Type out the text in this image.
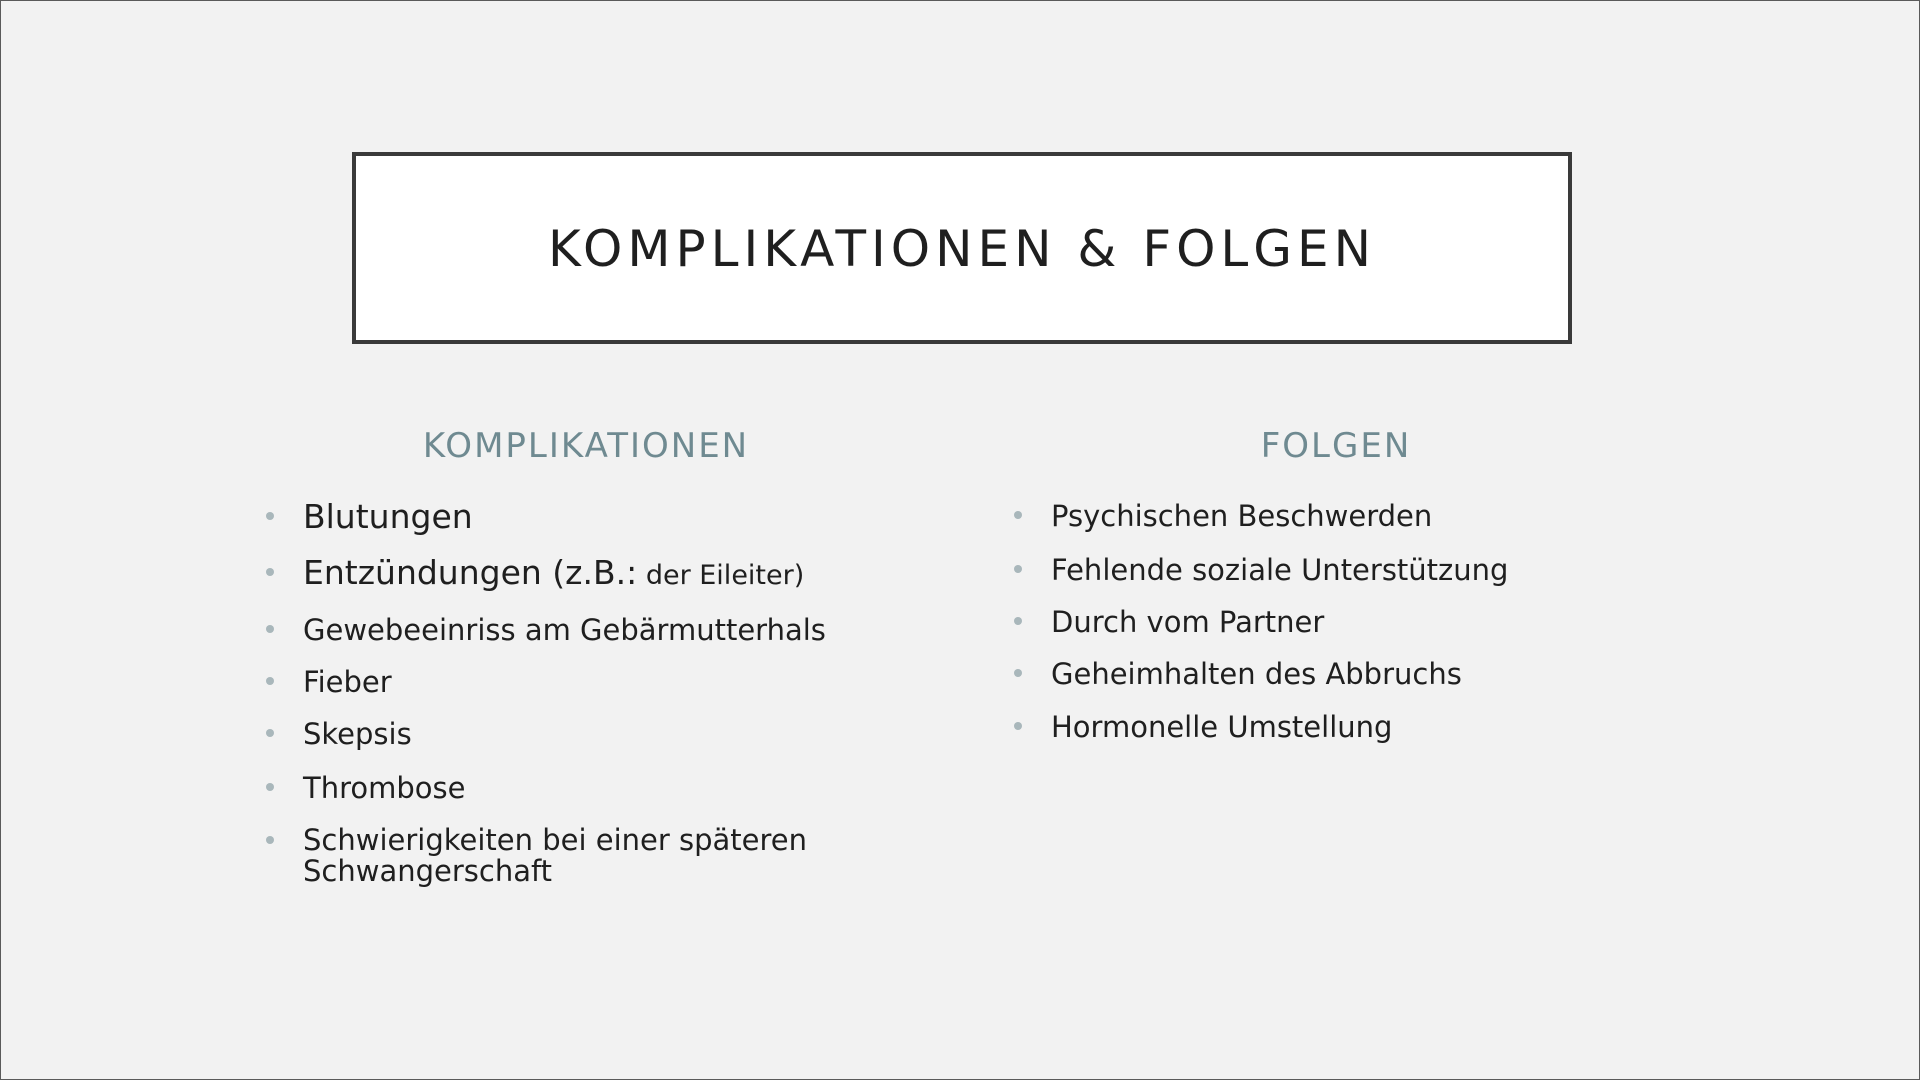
KOMPLIKATIONEN & FOLGEN
KOMPLIKATIONEN	FOLGEN
Blutungen
Entzündungen (z.B.: der Eileiter)
Gewebeeinriss am Gebärmutterhals
Fieber
Skepsis
Thrombose
Schwierigkeiten bei einer späteren Schwangerschaft
Psychischen Beschwerden
Fehlende soziale Unterstützung
Durch vom Partner
Geheimhalten des Abbruchs
Hormonelle Umstellung
